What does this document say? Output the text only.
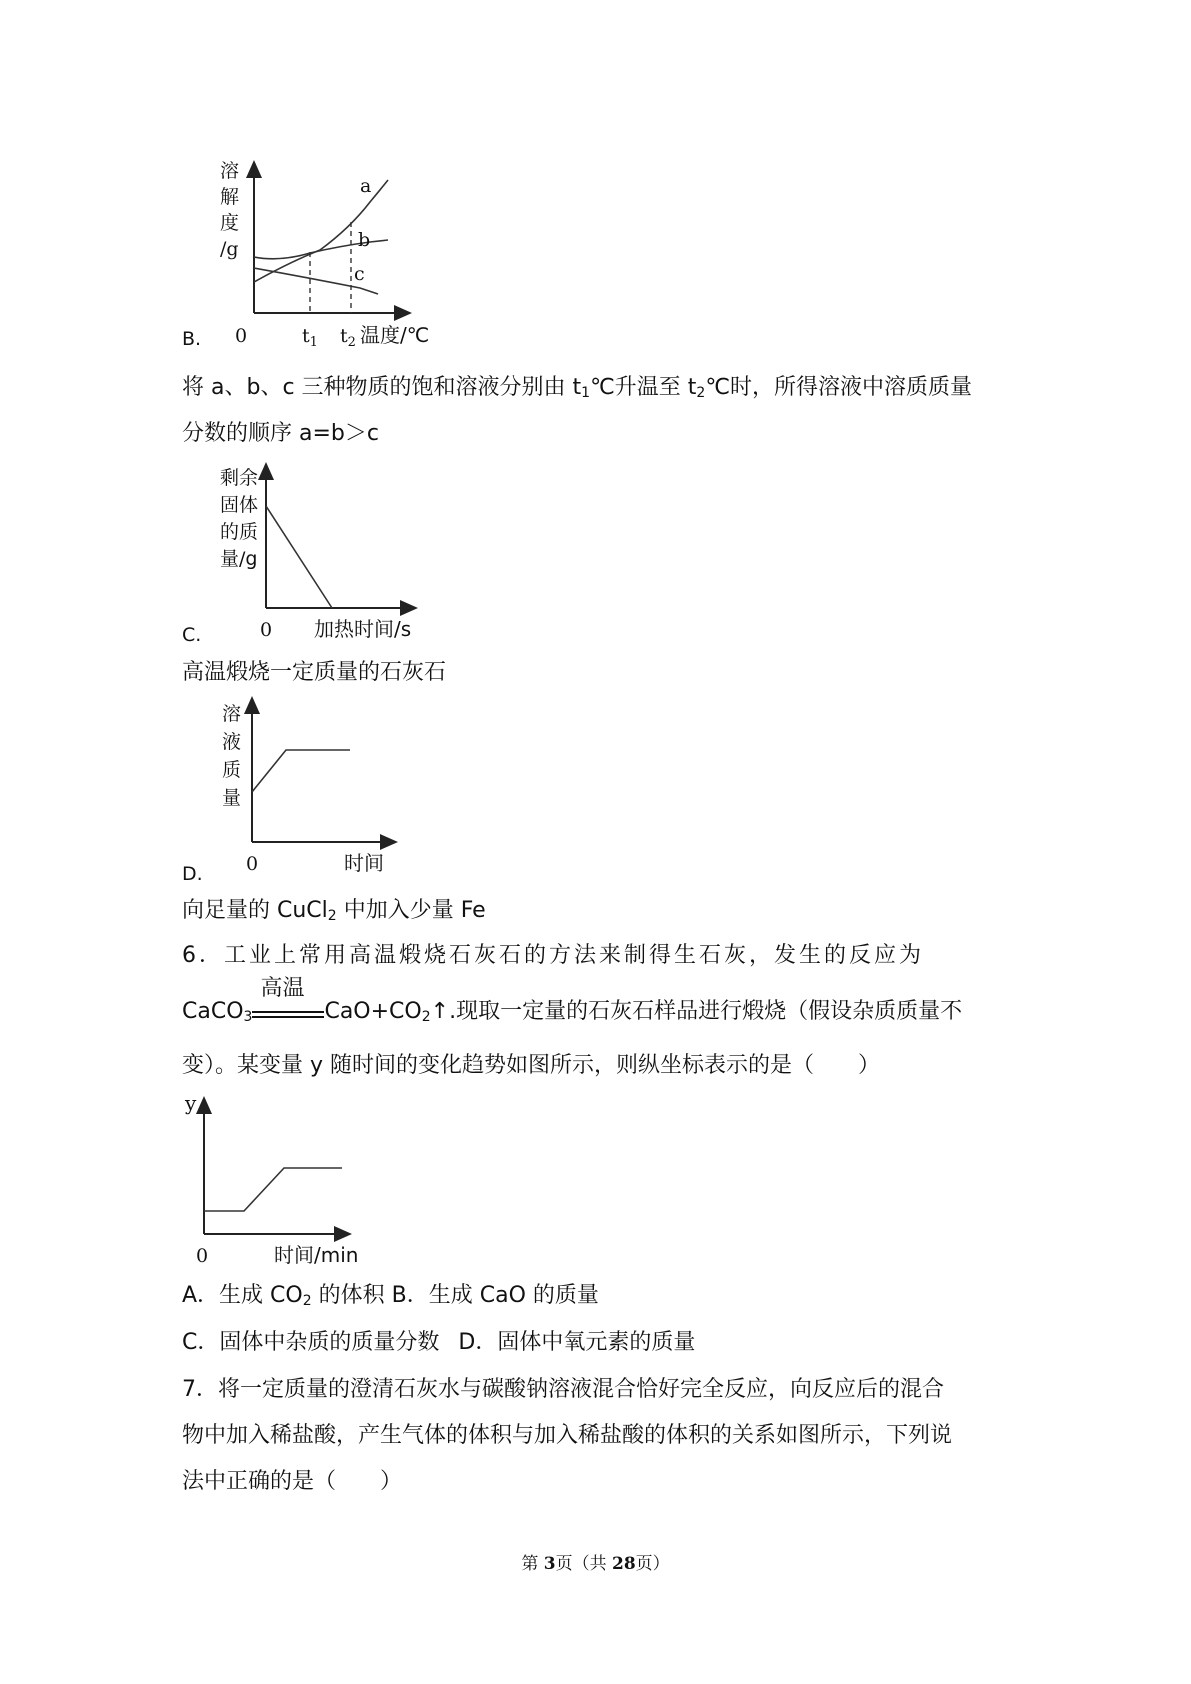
B.
溶
解
度
/g
a
b
c
0	$t_1$ $t_2$ 温度/℃
将 a、b、c 三种物质的饱和溶液分别由 $t_1℃$升温至 $t_2℃$时，所得溶液中溶质质量
分数的顺序 a=b＞c
C.
剩余
固体
的质
量/g
0 加热时间/s
高温煅烧一定质量的石灰石
D.
溶
液
质
量
0	时间
向足量的 CuCl$_2$ 中加入少量 Fe
6．工业上常用高温煅烧石灰石的方法来制得生石灰，发生的反应为
CaCO$_3$
高温
$CaO+CO_2↑$.现取一定量的石灰石样品进行煅烧（假设杂质质量不
变）。某变量 y 随时间的变化趋势如图所示，则纵坐标表示的是（　　）
y
0	时间/min
A．生成 $CO_2$ 的体积 B．生成 CaO 的质量
C．固体中杂质的质量分数 D．固体中氧元素的质量
7．将一定质量的澄清石灰水与碳酸钠溶液混合恰好完全反应，向反应后的混合
物中加入稀盐酸，产生气体的体积与加入稀盐酸的体积的关系如图所示，下列说
法中正确的是（　　）
第 3页（共 28页）
